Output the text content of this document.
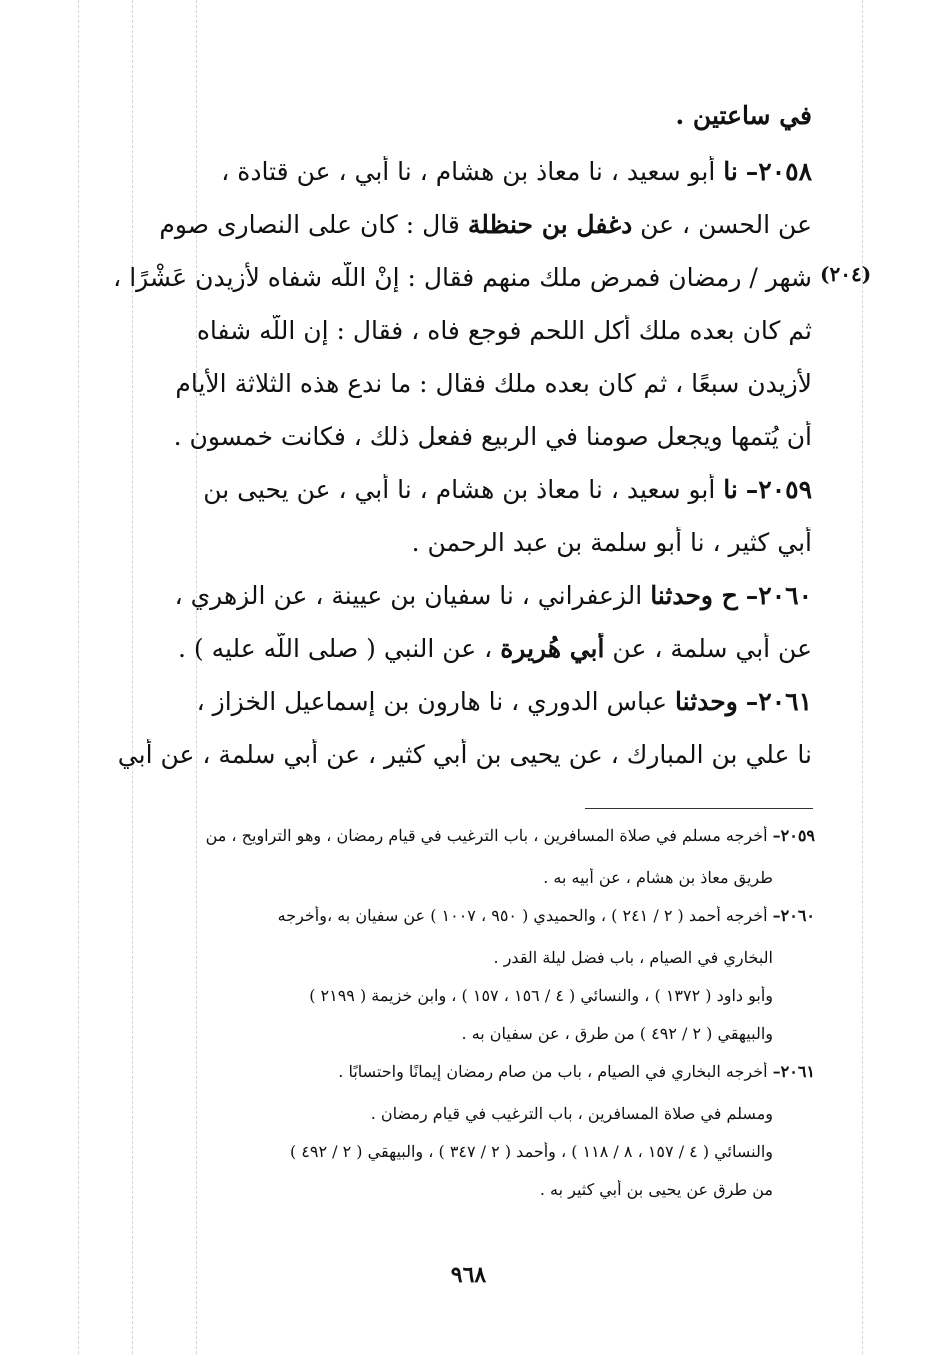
في ساعتين .
٢٠٥٨– نا أبو سعيد ، نا معاذ بن هشام ، نا أبي ، عن قتادة ،
عن الحسن ، عن دغفل بن حنظلة قال : كان على النصارى صوم
شهر / رمضان فمرض ملك منهم فقال : إنْ اللّه شفاه لأزيدن عَشْرًا ،
ثم كان بعده ملك أكل اللحم فوجع فاه ، فقال : إن اللّه شفاه
لأزيدن سبعًا ، ثم كان بعده ملك فقال : ما ندع هذه الثلاثة الأيام
أن يُتمها ويجعل صومنا في الربيع ففعل ذلك ، فكانت خمسون .
٢٠٥٩– نا أبو سعيد ، نا معاذ بن هشام ، نا أبي ، عن يحيى بن
أبي كثير ، نا أبو سلمة بن عبد الرحمن .
٢٠٦٠– ح وحدثنا الزعفراني ، نا سفيان بن عيينة ، عن الزهري ،
عن أبي سلمة ، عن أبي هُريرة ، عن النبي ( صلى اللّه عليه ) .
٢٠٦١– وحدثنا عباس الدوري ، نا هارون بن إسماعيل الخزاز ،
نا علي بن المبارك ، عن يحيى بن أبي كثير ، عن أبي سلمة ، عن أبي
(٢٠٤)
٢٠٥٩– أخرجه مسلم في صلاة المسافرين ، باب الترغيب في قيام رمضان ، وهو التراويح ، من
طريق معاذ بن هشام ، عن أبيه به .
٢٠٦٠– أخرجه أحمد ( ٢ / ٢٤١ ) ، والحميدي ( ٩٥٠ ، ١٠٠٧ ) عن سفيان به ،وأخرجه
البخاري في الصيام ، باب فضل ليلة القدر .
وأبو داود ( ١٣٧٢ ) ، والنسائي ( ٤ / ١٥٦ ، ١٥٧ ) ، وابن خزيمة ( ٢١٩٩ )
والبيهقي ( ٢ / ٤٩٢ ) من طرق ، عن سفيان به .
٢٠٦١– أخرجه البخاري في الصيام ، باب من صام رمضان إيمانًا واحتسابًا .
ومسلم في صلاة المسافرين ، باب الترغيب في قيام رمضان .
والنسائي ( ٤ / ١٥٧ ، ٨ / ١١٨ ) ، وأحمد ( ٢ / ٣٤٧ ) ، والبيهقي ( ٢ / ٤٩٢ )
من طرق عن يحيى بن أبي كثير به .
٩٦٨
